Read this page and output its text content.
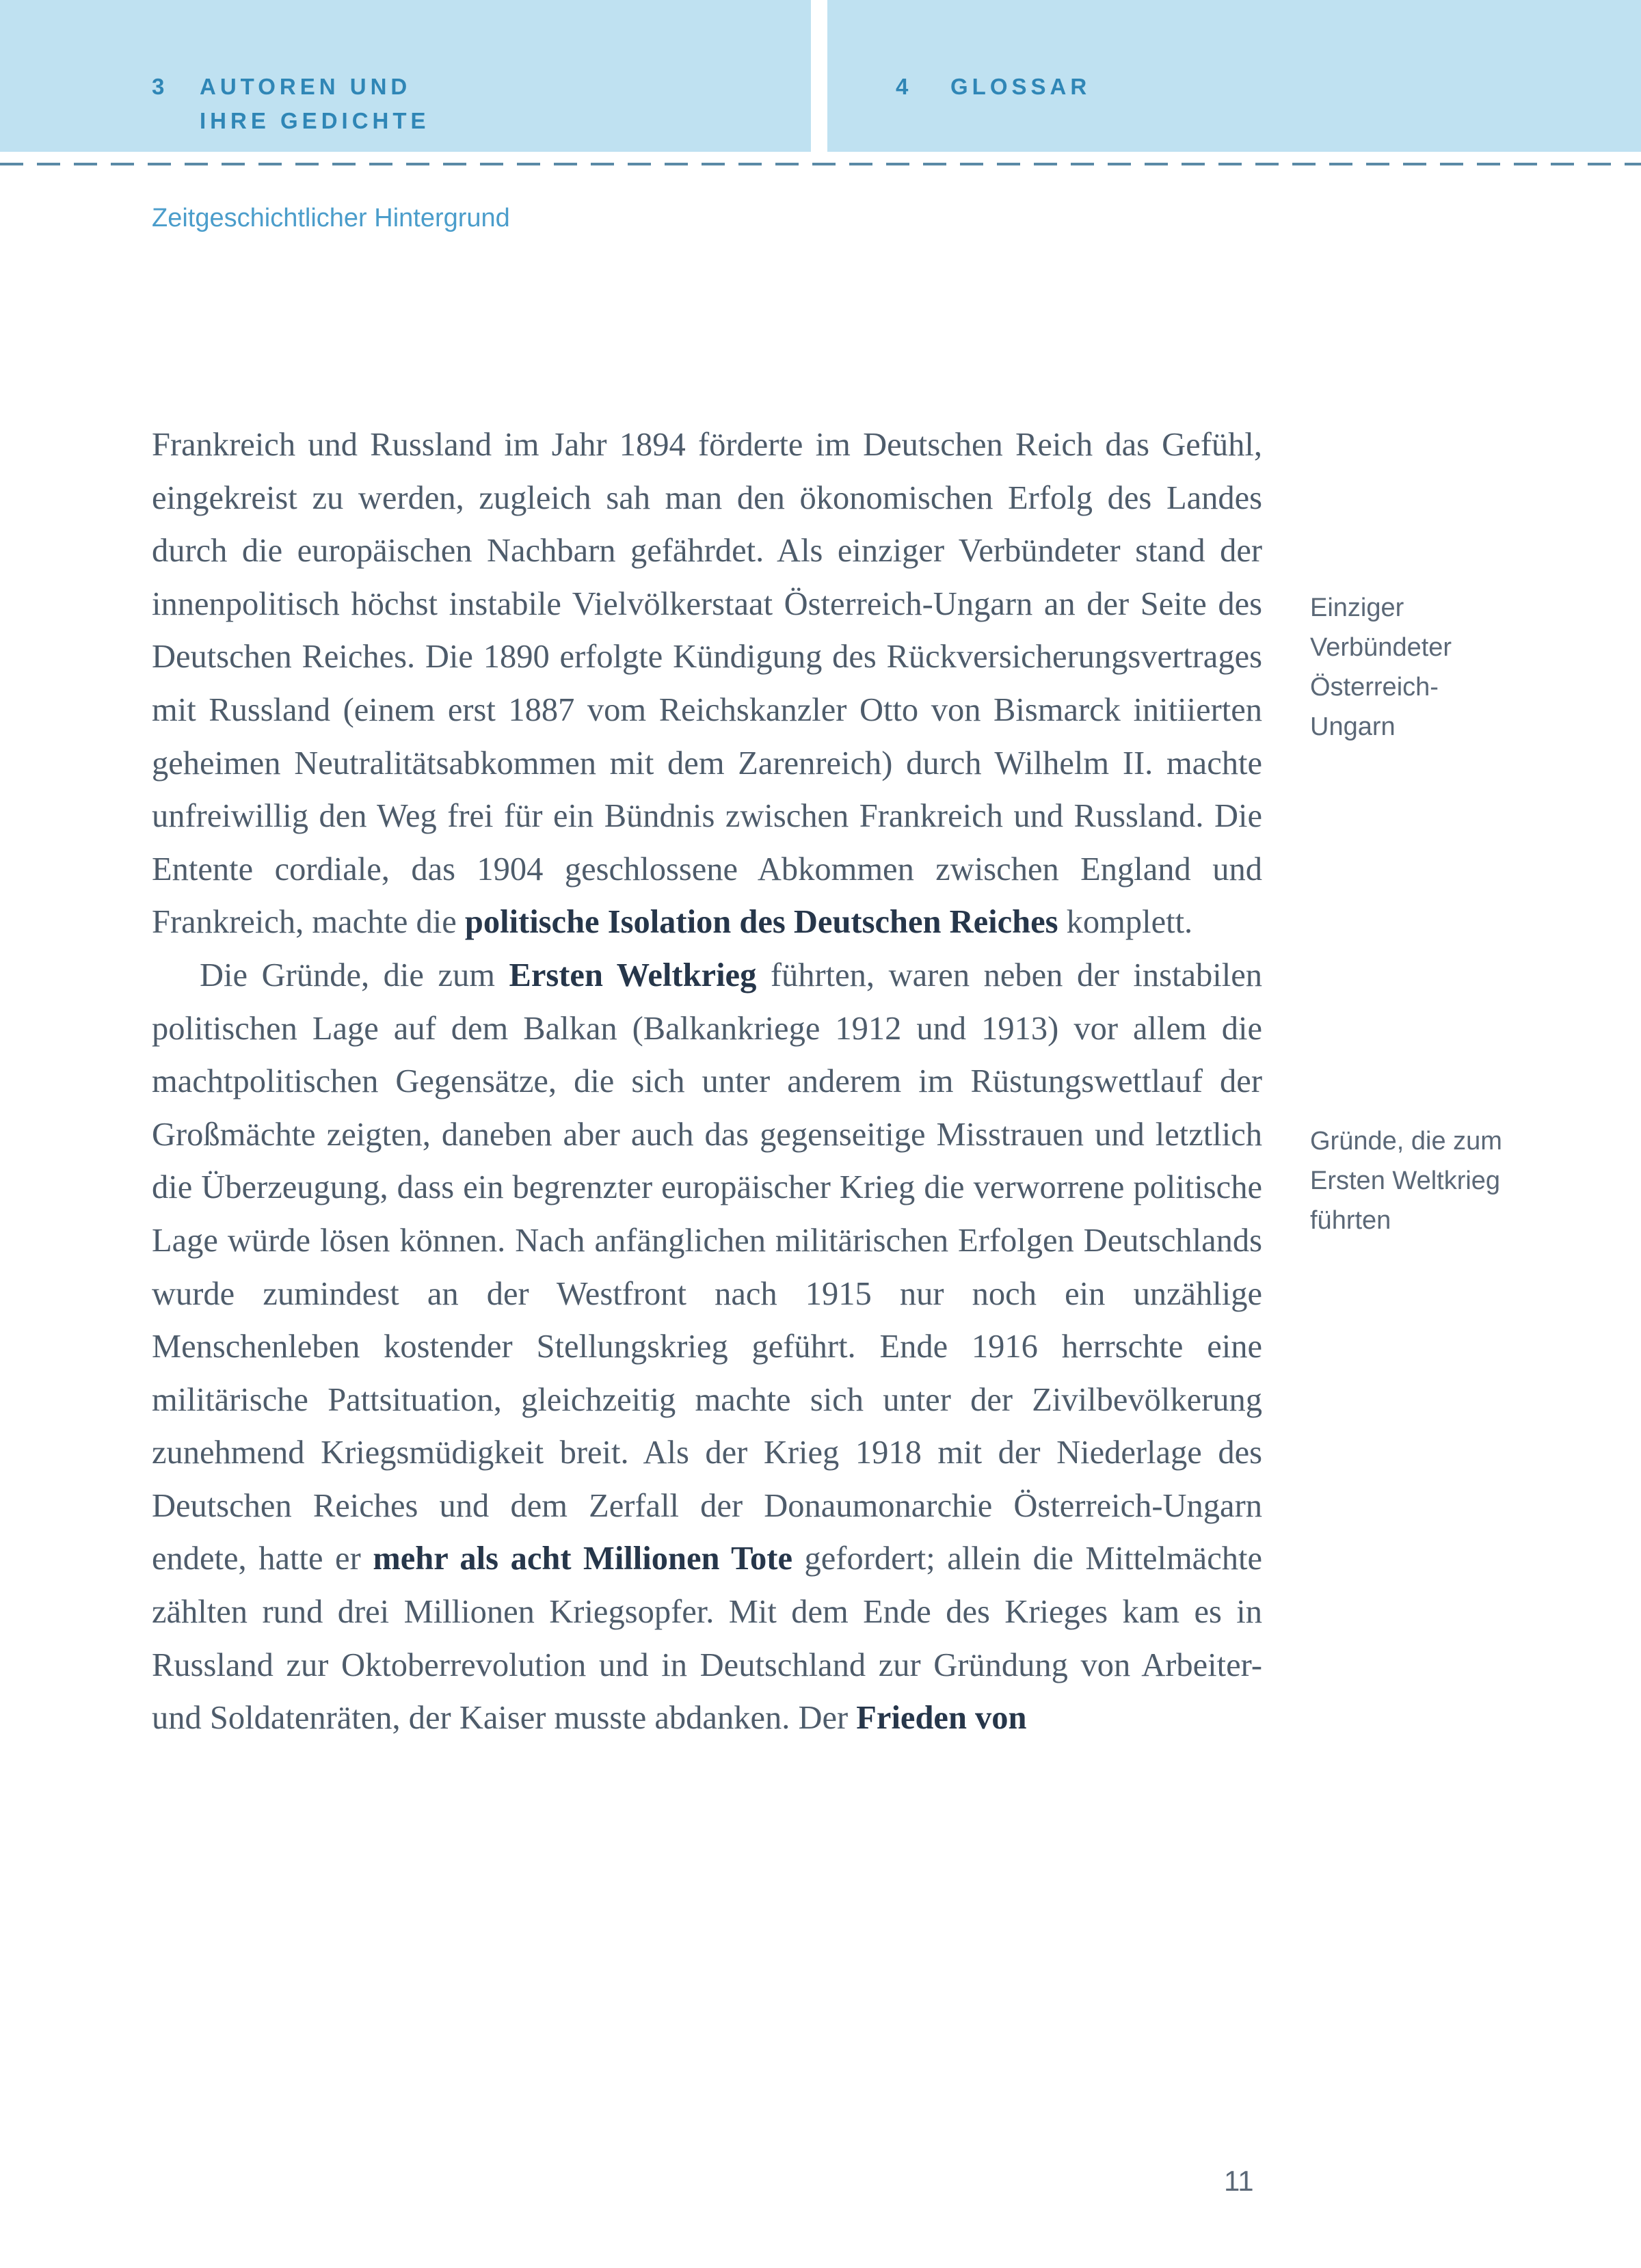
3 AUTOREN UND
IHRE GEDICHTE
4 GLOSSAR
Zeitgeschichtlicher Hintergrund

Frankreich und Russland im Jahr 1894 förderte im Deutschen Reich das Gefühl, eingekreist zu werden, zugleich sah man den ökonomischen Erfolg des Landes durch die europäischen Nachbarn gefährdet. Als einziger Verbündeter stand der innenpolitisch höchst instabile Vielvölkerstaat Österreich-Ungarn an der Seite des Deutschen Reiches. Die 1890 erfolgte Kündigung des Rückversicherungsvertrages mit Russland (einem erst 1887 vom Reichskanzler Otto von Bismarck initiierten geheimen Neutralitätsabkommen mit dem Zarenreich) durch Wilhelm II. machte unfreiwillig den Weg frei für ein Bündnis zwischen Frankreich und Russland. Die Entente cordiale, das 1904 geschlossene Abkommen zwischen England und Frankreich, machte die politische Isolation des Deutschen Reiches komplett.

Die Gründe, die zum Ersten Weltkrieg führten, waren neben der instabilen politischen Lage auf dem Balkan (Balkankriege 1912 und 1913) vor allem die machtpolitischen Gegensätze, die sich unter anderem im Rüstungswettlauf der Großmächte zeigten, daneben aber auch das gegenseitige Misstrauen und letztlich die Überzeugung, dass ein begrenzter europäischer Krieg die verworrene politische Lage würde lösen können. Nach anfänglichen militärischen Erfolgen Deutschlands wurde zumindest an der Westfront nach 1915 nur noch ein unzählige Menschenleben kostender Stellungskrieg geführt. Ende 1916 herrschte eine militärische Pattsituation, gleichzeitig machte sich unter der Zivilbevölkerung zunehmend Kriegsmüdigkeit breit. Als der Krieg 1918 mit der Niederlage des Deutschen Reiches und dem Zerfall der Donaumonarchie Österreich-Ungarn endete, hatte er mehr als acht Millionen Tote gefordert; allein die Mittelmächte zählten rund drei Millionen Kriegsopfer. Mit dem Ende des Krieges kam es in Russland zur Oktoberrevolution und in Deutschland zur Gründung von Arbeiter- und Soldatenräten, der Kaiser musste abdanken. Der Frieden von

Einziger
Verbündeter
Österreich-
Ungarn
Gründe, die zum
Ersten Weltkrieg
führten
11
